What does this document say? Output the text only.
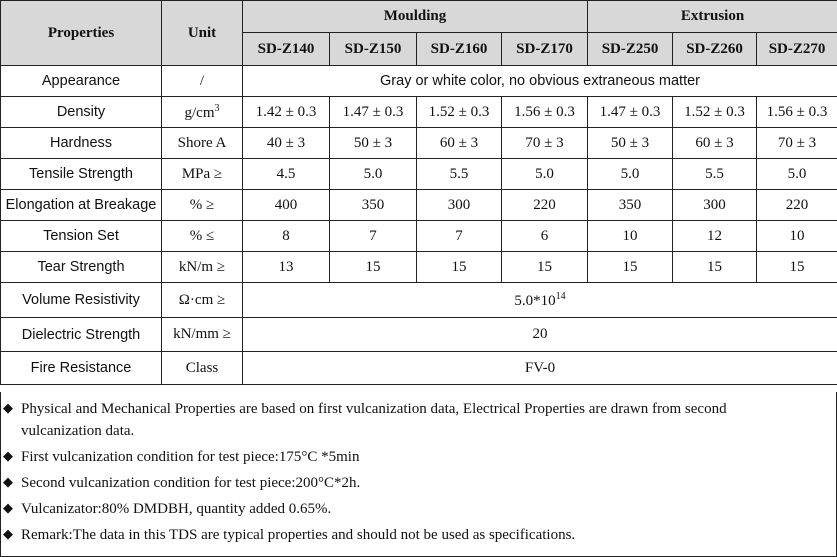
Properties	Unit	Moulding				Extrusion		
		SD-Z140	SD-Z150	SD-Z160	SD-Z170	SD-Z250	SD-Z260	SD-Z270
Appearance	/	Gray or white color, no obvious extraneous matter						
Density	$g/cm^3$	1.42 ± 0.3	1.47 ± 0.3	1.52 ± 0.3	1.56 ± 0.3	1.47 ± 0.3	1.52 ± 0.3	1.56 ± 0.3
Hardness	Shore A	40 ± 3	50 ± 3	60 ± 3	70 ± 3	50 ± 3	60 ± 3	70 ± 3
Tensile Strength	MPa ≥	4.5	5.0	5.5	5.0	5.0	5.5	5.0
Elongation at Breakage	% ≥	400	350	300	220	350	300	220
Tension Set	% ≤	8	7	7	6	10	12	10
Tear Strength	kN/m ≥	13	15	15	15	15	15	15
Volume Resistivity	Ω·cm ≥	$5.0*10^{14}$
Dielectric Strength	kN/mm ≥	20						
Fire Resistance	Class	FV-0						
◆ Physical and Mechanical Properties are based on first vulcanization data, Electrical Properties are drawn from second vulcanization data.
◆ First vulcanization condition for test piece:175°C *5min
◆ Second vulcanization condition for test piece:200°C*2h.
◆ Vulcanizator:80% DMDBH, quantity added 0.65%.
◆ Remark:The data in this TDS are typical properties and should not be used as specifications.
